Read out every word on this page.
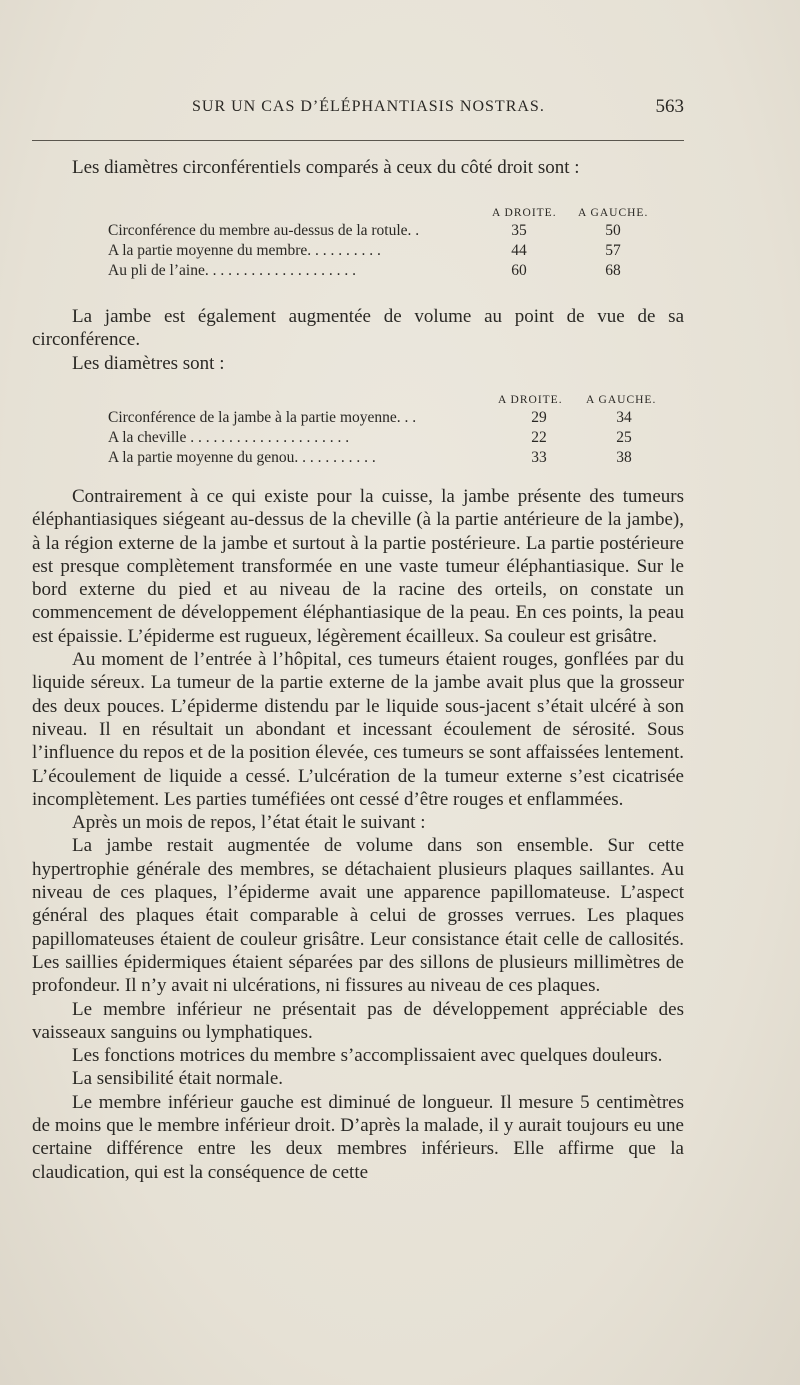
SUR UN CAS D’ÉLÉPHANTIASIS NOSTRAS.	563

Les diamètres circonférentiels comparés à ceux du côté droit sont :

A DROITE. A GAUCHE.
Circonférence du membre au-dessus de la rotule. .	35	50
A la partie moyenne du membre. . . . . . . . . .	44	57
Au pli de l’aine. . . . . . . . . . . . . . . . . . . .	60	68

La jambe est également augmentée de volume au point de vue de sa circonférence.

Les diamètres sont :

A DROITE. A GAUCHE.
Circonférence de la jambe à la partie moyenne. . .	29	34
A la cheville . . . . . . . . . . . . . . . . . . . . .	22	25
A la partie moyenne du genou. . . . . . . . . . .	33	38

Contrairement à ce qui existe pour la cuisse, la jambe présente des tumeurs éléphantiasiques siégeant au-dessus de la cheville (à la partie antérieure de la jambe), à la région externe de la jambe et surtout à la partie postérieure. La partie postérieure est presque complètement transformée en une vaste tumeur éléphantiasique. Sur le bord externe du pied et au niveau de la racine des orteils, on constate un commencement de développement éléphantiasique de la peau. En ces points, la peau est épaissie. L’épiderme est rugueux, légèrement écailleux. Sa couleur est grisâtre.

Au moment de l’entrée à l’hôpital, ces tumeurs étaient rouges, gonflées par du liquide séreux. La tumeur de la partie externe de la jambe avait plus que la grosseur des deux pouces. L’épiderme distendu par le liquide sous-jacent s’était ulcéré à son niveau. Il en résultait un abondant et incessant écoulement de sérosité. Sous l’influence du repos et de la position élevée, ces tumeurs se sont affaissées lentement. L’écoulement de liquide a cessé. L’ulcération de la tumeur externe s’est cicatrisée incomplètement. Les parties tuméfiées ont cessé d’être rouges et enflammées.

Après un mois de repos, l’état était le suivant :

La jambe restait augmentée de volume dans son ensemble. Sur cette hypertrophie générale des membres, se détachaient plusieurs plaques saillantes. Au niveau de ces plaques, l’épiderme avait une apparence papillomateuse. L’aspect général des plaques était comparable à celui de grosses verrues. Les plaques papillomateuses étaient de couleur grisâtre. Leur consistance était celle de callosités. Les saillies épidermiques étaient séparées par des sillons de plusieurs millimètres de profondeur. Il n’y avait ni ulcérations, ni fissures au niveau de ces plaques.

Le membre inférieur ne présentait pas de développement appréciable des vaisseaux sanguins ou lymphatiques.

Les fonctions motrices du membre s’accomplissaient avec quelques douleurs.

La sensibilité était normale.

Le membre inférieur gauche est diminué de longueur. Il mesure 5 centimètres de moins que le membre inférieur droit. D’après la malade, il y aurait toujours eu une certaine différence entre les deux membres inférieurs. Elle affirme que la claudication, qui est la conséquence de cette
